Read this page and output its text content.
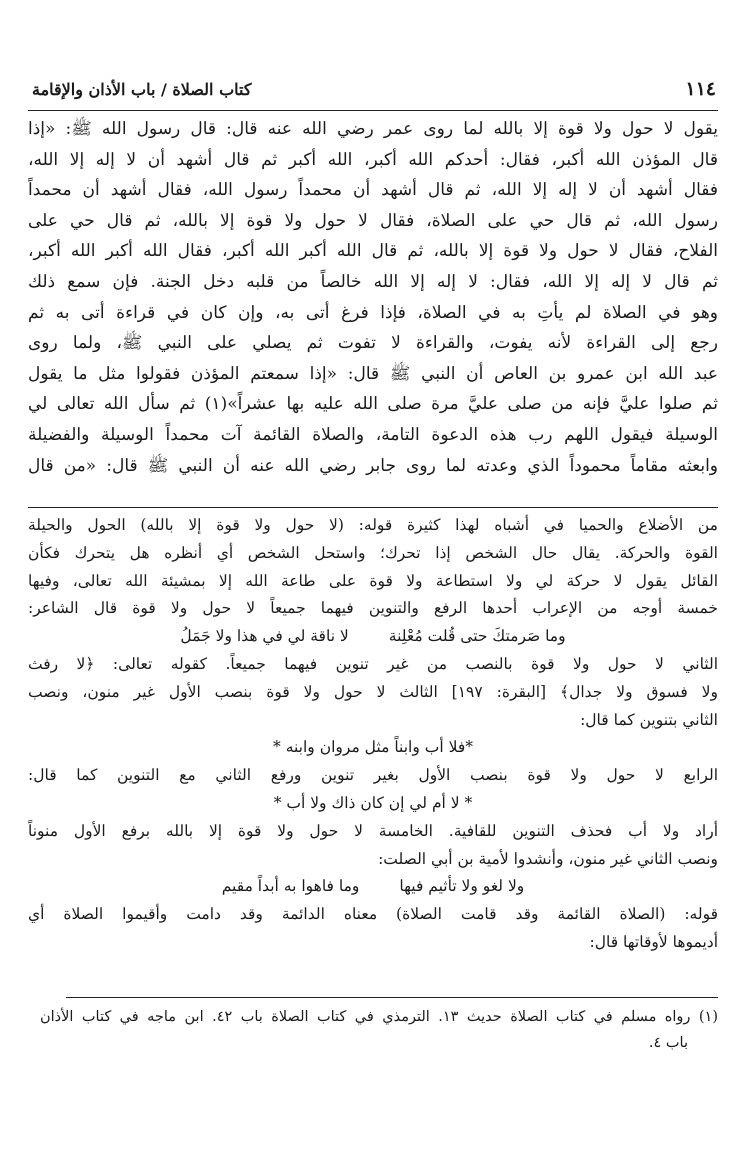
١١٤
كتاب الصلاة / باب الأذان والإقامة
يقول لا حول ولا قوة إلا بالله لما روى عمر رضي الله عنه قال: قال رسول الله ﷺ: «إذا
قال المؤذن الله أكبر، فقال: أحدكم الله أكبر، الله أكبر ثم قال أشهد أن لا إله إلا الله،
فقال أشهد أن لا إله إلا الله، ثم قال أشهد أن محمداً رسول الله، فقال أشهد أن محمداً
رسول الله، ثم قال حي على الصلاة، فقال لا حول ولا قوة إلا بالله، ثم قال حي على
الفلاح، فقال لا حول ولا قوة إلا بالله، ثم قال الله أكبر الله أكبر، فقال الله أكبر الله أكبر،
ثم قال لا إله إلا الله، فقال: لا إله إلا الله خالصاً من قلبه دخل الجنة. فإن سمع ذلك
وهو في الصلاة لم يأتِ به في الصلاة، فإذا فرغ أتى به، وإن كان في قراءة أتى به ثم
رجع إلى القراءة لأنه يفوت، والقراءة لا تفوت ثم يصلي على النبي ﷺ، ولما روى
عبد الله ابن عمرو بن العاص أن النبي ﷺ قال: «إذا سمعتم المؤذن فقولوا مثل ما يقول
ثم صلوا عليَّ فإنه من صلى عليَّ مرة صلى الله عليه بها عشراً»(١) ثم سأل الله تعالى لي
الوسيلة فيقول اللهم رب هذه الدعوة التامة، والصلاة القائمة آت محمداً الوسيلة والفضيلة
وابعثه مقاماً محموداً الذي وعدته لما روى جابر رضي الله عنه أن النبي ﷺ قال: «من قال
من الأضلاع والحميا في أشباه لهذا كثيرة قوله: (لا حول ولا قوة إلا بالله) الحول والحيلة
القوة والحركة. يقال حال الشخص إذا تحرك؛ واستحل الشخص أي أنظره هل يتحرك فكأن
القائل يقول لا حركة لي ولا استطاعة ولا قوة على طاعة الله إلا بمشيئة الله تعالى، وفيها
خمسة أوجه من الإعراب أحدها الرفع والتنوين فيهما جميعاً لا حول ولا قوة قال الشاعر:
وما صَرمتكَ حتى قُلت مُعْلِنة
لا ناقة لي في هذا ولا جَمَلُ
الثاني لا حول ولا قوة بالنصب من غير تنوين فيهما جميعاً. كقوله تعالى: ﴿لا رفث
ولا فسوق ولا جدال﴾ [البقرة: ١٩٧] الثالث لا حول ولا قوة بنصب الأول غير منون، ونصب
الثاني بتنوين كما قال:
*فلا أب وابناً مثل مروان وابنه *
الرابع لا حول ولا قوة بنصب الأول بغير تنوين ورفع الثاني مع التنوين كما قال:
* لا أم لي إن كان ذاك ولا أب *
أراد ولا أب فحذف التنوين للقافية. الخامسة لا حول ولا قوة إلا بالله برفع الأول منوناً
ونصب الثاني غير منون، وأنشدوا لأمية بن أبي الصلت:
ولا لغو ولا تأثيم فيها
وما فاهوا به أبداً مقيم
قوله: (الصلاة القائمة وقد قامت الصلاة) معناه الدائمة وقد دامت وأقيموا الصلاة أي
أديموها لأوقاتها قال:
(١) رواه مسلم في كتاب الصلاة حديث ١٣. الترمذي في كتاب الصلاة باب ٤٢. ابن ماجه في كتاب الأذان
باب ٤.
